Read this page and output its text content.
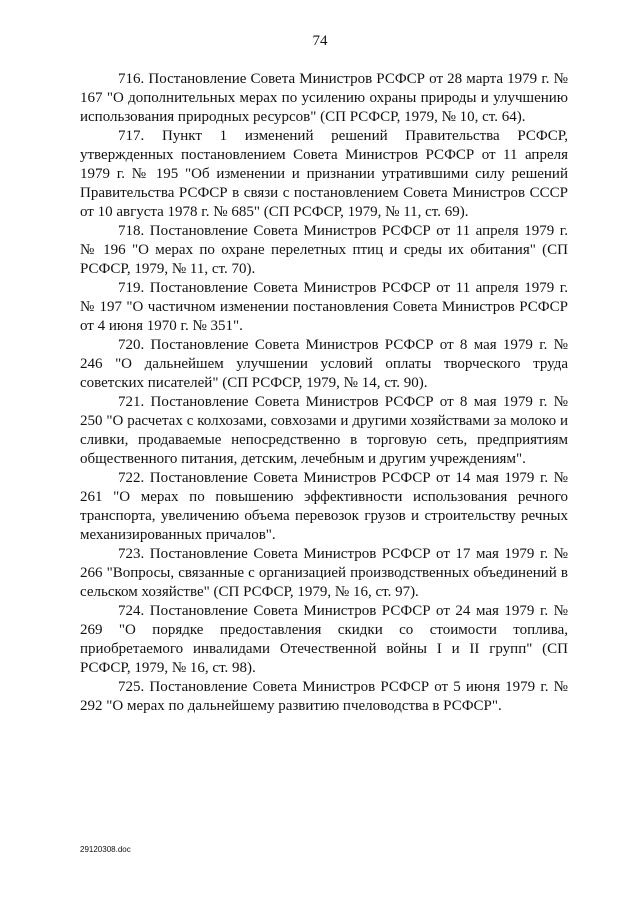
74

716. Постановление Совета Министров РСФСР от 28 марта 1979 г. № 167 "О дополнительных мерах по усилению охраны природы и улучшению использования природных ресурсов" (СП РСФСР, 1979, № 10, ст. 64).

717. Пункт 1 изменений решений Правительства РСФСР, утвержденных постановлением Совета Министров РСФСР от 11 апреля 1979 г. № 195 "Об изменении и признании утратившими силу решений Правительства РСФСР в связи с постановлением Совета Министров СССР от 10 августа 1978 г. № 685" (СП РСФСР, 1979, № 11, ст. 69).

718. Постановление Совета Министров РСФСР от 11 апреля 1979 г. № 196 "О мерах по охране перелетных птиц и среды их обитания" (СП РСФСР, 1979, № 11, ст. 70).

719. Постановление Совета Министров РСФСР от 11 апреля 1979 г. № 197 "О частичном изменении постановления Совета Министров РСФСР от 4 июня 1970 г. № 351".

720. Постановление Совета Министров РСФСР от 8 мая 1979 г. № 246 "О дальнейшем улучшении условий оплаты творческого труда советских писателей" (СП РСФСР, 1979, № 14, ст. 90).

721. Постановление Совета Министров РСФСР от 8 мая 1979 г. № 250 "О расчетах с колхозами, совхозами и другими хозяйствами за молоко и сливки, продаваемые непосредственно в торговую сеть, предприятиям общественного питания, детским, лечебным и другим учреждениям".

722. Постановление Совета Министров РСФСР от 14 мая 1979 г. № 261 "О мерах по повышению эффективности использования речного транспорта, увеличению объема перевозок грузов и строительству речных механизированных причалов".

723. Постановление Совета Министров РСФСР от 17 мая 1979 г. № 266 "Вопросы, связанные с организацией производственных объединений в сельском хозяйстве" (СП РСФСР, 1979, № 16, ст. 97).

724. Постановление Совета Министров РСФСР от 24 мая 1979 г. № 269 "О порядке предоставления скидки со стоимости топлива, приобретаемого инвалидами Отечественной войны I и II групп" (СП РСФСР, 1979, № 16, ст. 98).

725. Постановление Совета Министров РСФСР от 5 июня 1979 г. № 292 "О мерах по дальнейшему развитию пчеловодства в РСФСР".

29120308.doc
